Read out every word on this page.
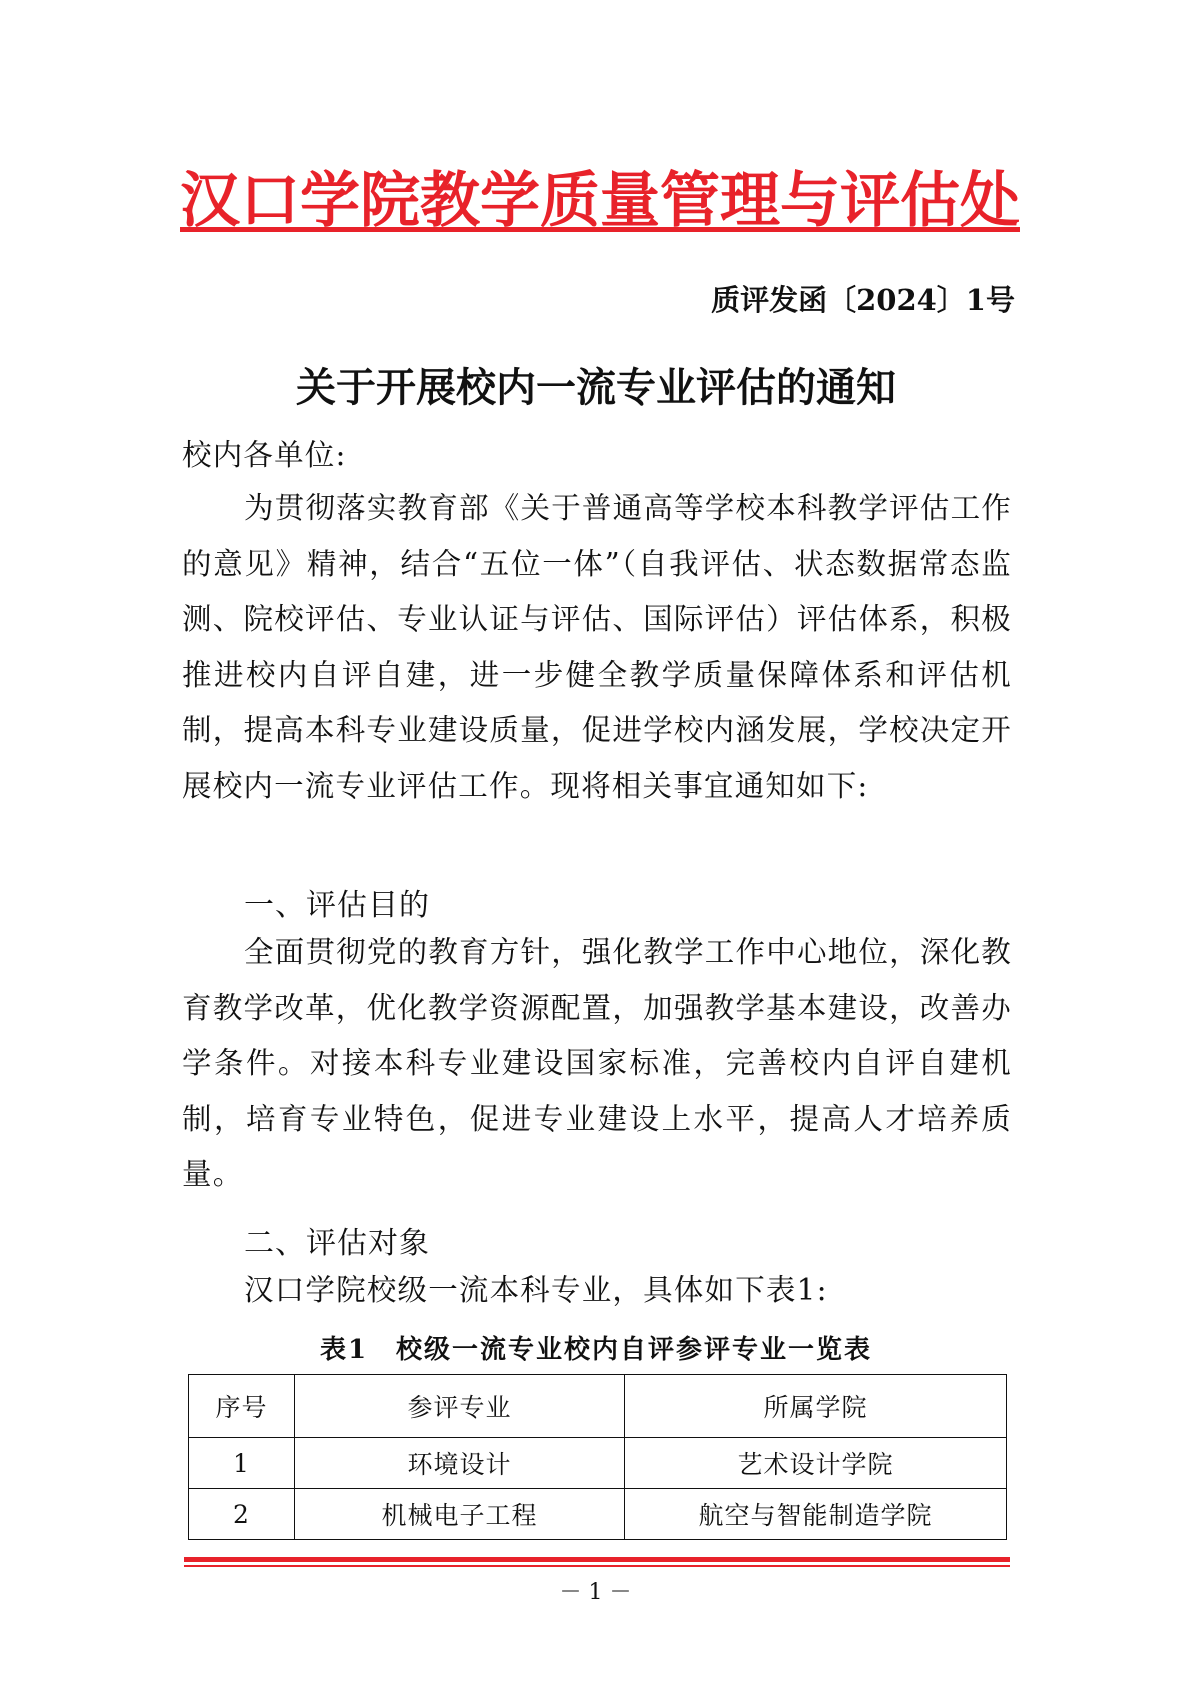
汉口学院教学质量管理与评估处
质评发函〔2024〕1号
关于开展校内一流专业评估的通知
校内各单位:
为贯彻落实教育部《关于普通高等学校本科教学评估工作的意见》精神，结合“五位一体”（自我评估、状态数据常态监测、院校评估、专业认证与评估、国际评估）评估体系，积极推进校内自评自建，进一步健全教学质量保障体系和评估机制，提高本科专业建设质量，促进学校内涵发展，学校决定开展校内一流专业评估工作。现将相关事宜通知如下:
一、评估目的
全面贯彻党的教育方针，强化教学工作中心地位，深化教育教学改革，优化教学资源配置，加强教学基本建设，改善办学条件。对接本科专业建设国家标准，完善校内自评自建机制，培育专业特色，促进专业建设上水平，提高人才培养质量。
二、评估对象
汉口学院校级一流本科专业，具体如下表1:
表1　校级一流专业校内自评参评专业一览表
序号	参评专业	所属学院
1	环境设计	艺术设计学院
2	机械电子工程	航空与智能制造学院
－ 1 －
